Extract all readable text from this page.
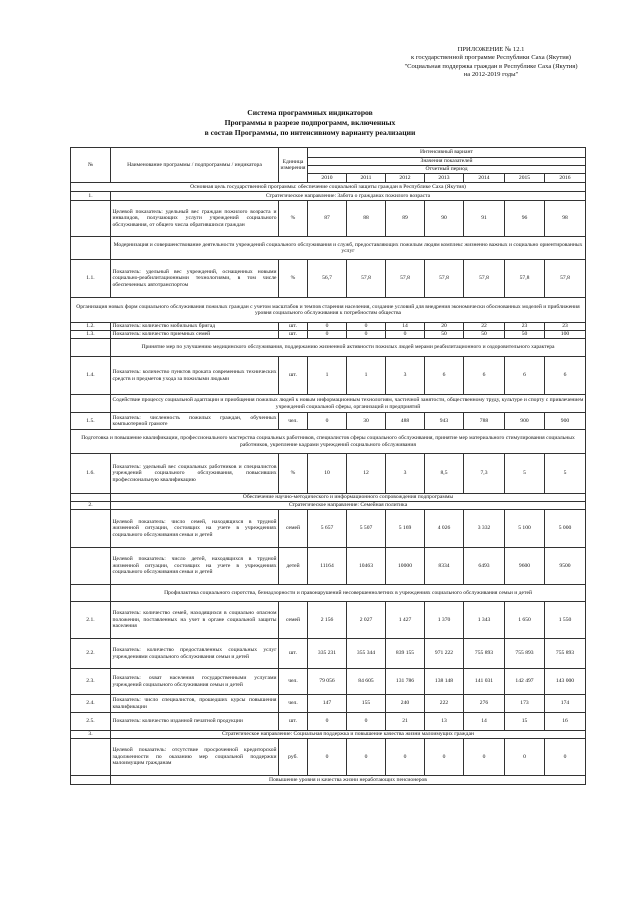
ПРИЛОЖЕНИЕ № 12.1
к государственной программе Республики Саха (Якутия)
"Социальная поддержка граждан в Республике Саха (Якутия)
на 2012-2019 годы"
Система программных индикаторов
Программы в разрезе подпрограмм, включенных
в состав Программы, по интенсивному варианту реализации
№	Наименование программы / подпрограммы / индикатора	Единица измерения	Интенсивный вариант						
			Значения показателей						
			Отчетный период						
			2010	2011	2012	2013	2014	2015	2016
Основная цель государственной программы: обеспечение социальной защиты граждан в Республике Саха (Якутия)									
1.	Стратегическое направление: Забота о гражданах пожилого возраста								
	Целевой показатель: удельный вес граждан пожилого возраста и инвалидов, получающих услуги учреждений социального обслуживания, от общего числа обратившихся граждан	%	87	88	89	90	91	96	98
	Модернизация и совершенствование деятельности учреждений социального обслуживания и служб, предоставляющих пожилым людям комплекс жизненно важных и социально ориентированных услуг								
1.1.	Показатель: удельный вес учреждений, оснащенных новыми социально-реабилитационными технологиями, в том числе обеспеченных автотранспортом	%	56,7	57,8	57,8	57,8	57,8	57,8	57,8
Организация новых форм социального обслуживания пожилых граждан с учетом масштабов и темпов старения населения, создание условий для внедрения экономически обоснованных моделей и приближения уровня социального обслуживания к потребностям общества									
1.2.	Показатель: количество мобильных бригад	шт.	0	0	14	20	22	23	23
1.3.	Показатель: количество приемных семей	шт.	0	0	0	50	50	50	100
	Принятие мер по улучшению медицинского обслуживания, поддержанию жизненной активности пожилых людей мерами реабилитационного и оздоровительного характера								
1.4.	Показатель: количество пунктов проката современных технических средств и предметов ухода за пожилыми людьми	шт.	1	1	3	6	6	6	6
	Содействие процессу социальной адаптации и приобщения пожилых людей к новым информационным технологиям, частичной занятости, общественному труду, культуре и спорту с привлечением учреждений социальной сферы, организаций и предприятий								
1.5.	Показатель: численность пожилых граждан, обученных компьютерной грамоте	чел.	0	30	488	943	788	900	900
Подготовка и повышение квалификации, профессионального мастерства социальных работников, специалистов сферы социального обслуживания, принятие мер материального стимулирования социальных работников, укрепление кадрами учреждений социального обслуживания									
1.6.	Показатель: удельный вес социальных работников и специалистов учреждений социального обслуживания, повысивших профессиональную квалификацию	%	10	12	3	8,5	7,3	5	5
	Обеспечение научно-методического и информационного сопровождения подпрограммы								
2.	Стратегическое направление: Семейная политика								
	Целевой показатель: число семей, находящихся в трудной жизненной ситуации, состоящих на учете в учреждениях социального обслуживания семьи и детей	семей	5 657	5 507	5 169	4 026	3 332	5 100	5 000
	Целевой показатель: число детей, находящихся в трудной жизненной ситуации, состоящих на учете в учреждениях социального обслуживания семьи и детей	детей	11164	10463	10000	8334	6493	9600	9500
	Профилактика социального сиротства, безнадзорности и правонарушений несовершеннолетних в учреждениях социального обслуживания семьи и детей								
2.1.	Показатель: количество семей, находящихся в социально опасном положении, поставленных на учет в органе социальной защиты населения	семей	2 156	2 027	1 427	1 370	1 343	1 650	1 550
2.2.	Показатель: количество предоставленных социальных услуг учреждениями социального обслуживания семьи и детей	шт.	335 231	355 344	839 155	971 222	755 893	755 893	755 893
2.3.	Показатель: охват населения государственными услугами учреждений социального обслуживания семьи и детей	чел.	79 056	84 605	131 786	138 148	141 031	142 497	143 000
2.4.	Показатель: число специалистов, прошедших курсы повышения квалификации	чел.	147	155	240	222	276	173	174
2.5.	Показатель: количество изданной печатной продукции	шт.	0	0	21	13	14	15	16
3.	Стратегическое направление: Социальная поддержка и повышение качества жизни малоимущих граждан								
	Целевой показатель: отсутствие просроченной кредиторской задолженности по оказанию мер социальной поддержки малоимущим гражданам	руб.	0	0	0	0	0	0	0
	Повышение уровня и качества жизни неработающих пенсионеров								
